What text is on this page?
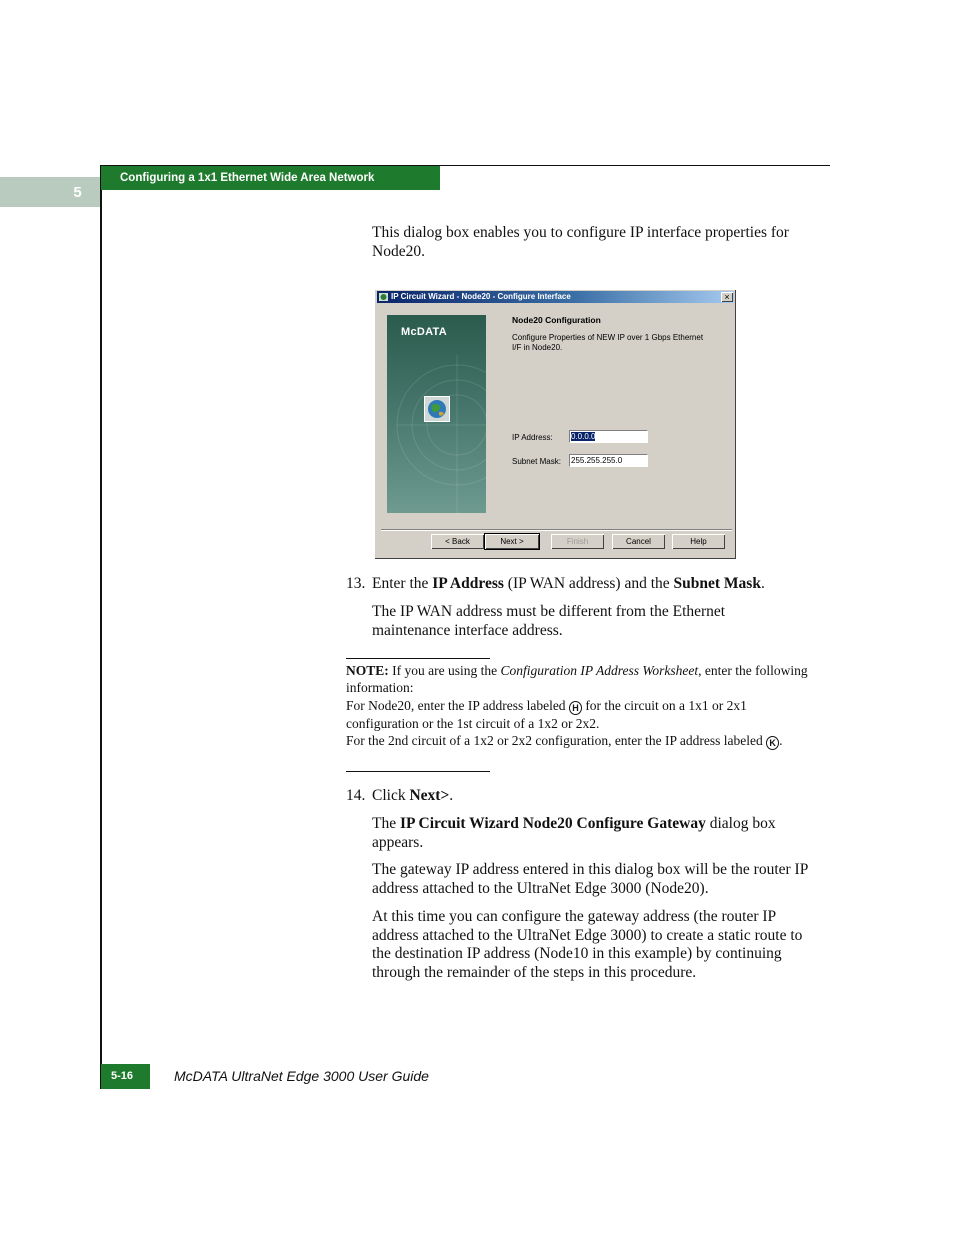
5
Configuring a 1x1 Ethernet Wide Area Network
This dialog box enables you to configure IP interface properties for Node20.
IP Circuit Wizard - Node20 - Configure Interface	×
McDATA
Node20 Configuration
Configure Properties of NEW IP over 1 Gbps Ethernet I/F in Node20.
IP Address: 0.0.0.0
Subnet Mask: 255.255.255.0
< Back	Next >	Finish	Cancel	Help
13. Enter the IP Address (IP WAN address) and the Subnet Mask.
The IP WAN address must be different from the Ethernet maintenance interface address.
NOTE: If you are using the Configuration IP Address Worksheet, enter the following information:
For Node20, enter the IP address labeled H for the circuit on a 1x1 or 2x1 configuration or the 1st circuit of a 1x2 or 2x2.
For the 2nd circuit of a 1x2 or 2x2 configuration, enter the IP address labeled K .
14. Click Next>.
The IP Circuit Wizard Node20 Configure Gateway dialog box appears.
The gateway IP address entered in this dialog box will be the router IP address attached to the UltraNet Edge 3000 (Node20).
At this time you can configure the gateway address (the router IP address attached to the UltraNet Edge 3000) to create a static route to the destination IP address (Node10 in this example) by continuing through the remainder of the steps in this procedure.
5-16	McDATA UltraNet Edge 3000 User Guide
